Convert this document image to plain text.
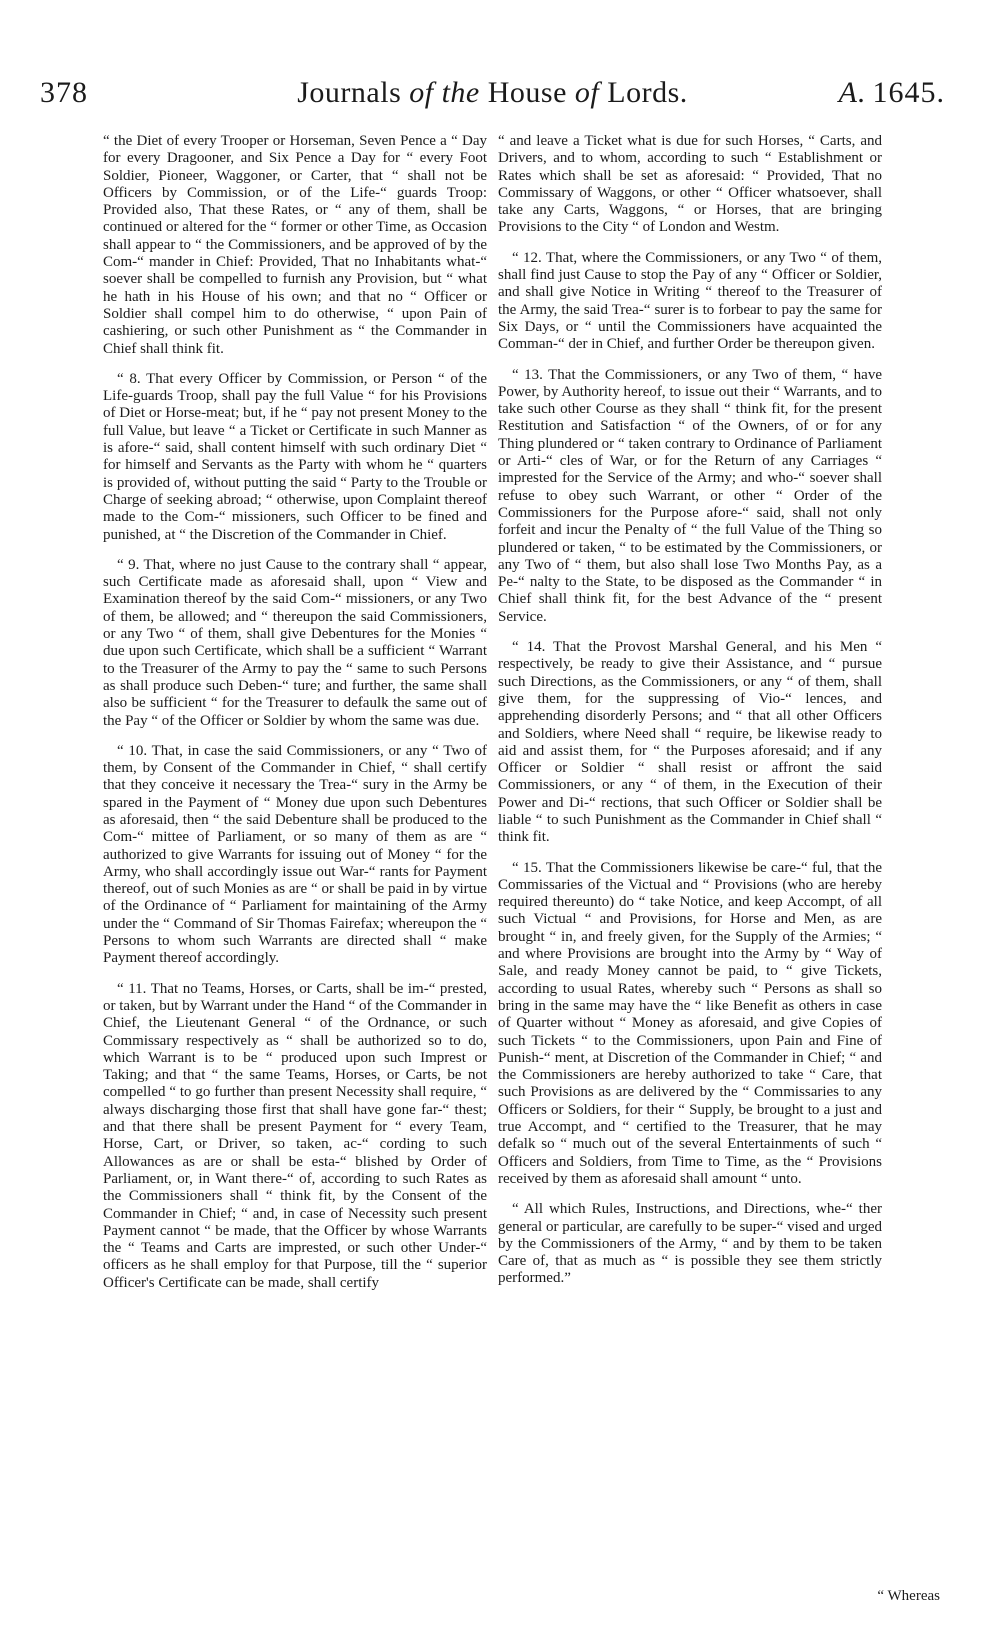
378	Journals of the House of Lords.	A. 1645.

“ the Diet of every Trooper or Horseman, Seven Pence a “ Day for every Dragooner, and Six Pence a Day for “ every Foot Soldier, Pioneer, Waggoner, or Carter, that “ shall not be Officers by Commission, or of the Life-“ guards Troop: Provided also, That these Rates, or “ any of them, shall be continued or altered for the “ former or other Time, as Occasion shall appear to “ the Commissioners, and be approved of by the Com-“ mander in Chief: Provided, That no Inhabitants what-“ soever shall be compelled to furnish any Provision, but “ what he hath in his House of his own; and that no “ Officer or Soldier shall compel him to do otherwise, “ upon Pain of cashiering, or such other Punishment as “ the Commander in Chief shall think fit.

“ 8. That every Officer by Commission, or Person “ of the Life-guards Troop, shall pay the full Value “ for his Provisions of Diet or Horse-meat; but, if he “ pay not present Money to the full Value, but leave “ a Ticket or Certificate in such Manner as is afore-“ said, shall content himself with such ordinary Diet “ for himself and Servants as the Party with whom he “ quarters is provided of, without putting the said “ Party to the Trouble or Charge of seeking abroad; “ otherwise, upon Complaint thereof made to the Com-“ missioners, such Officer to be fined and punished, at “ the Discretion of the Commander in Chief.

“ 9. That, where no just Cause to the contrary shall “ appear, such Certificate made as aforesaid shall, upon “ View and Examination thereof by the said Com-“ missioners, or any Two of them, be allowed; and “ thereupon the said Commissioners, or any Two “ of them, shall give Debentures for the Monies “ due upon such Certificate, which shall be a sufficient “ Warrant to the Treasurer of the Army to pay the “ same to such Persons as shall produce such Deben-“ ture; and further, the same shall also be sufficient “ for the Treasurer to defaulk the same out of the Pay “ of the Officer or Soldier by whom the same was due.

“ 10. That, in case the said Commissioners, or any “ Two of them, by Consent of the Commander in Chief, “ shall certify that they conceive it necessary the Trea-“ sury in the Army be spared in the Payment of “ Money due upon such Debentures as aforesaid, then “ the said Debenture shall be produced to the Com-“ mittee of Parliament, or so many of them as are “ authorized to give Warrants for issuing out of Money “ for the Army, who shall accordingly issue out War-“ rants for Payment thereof, out of such Monies as are “ or shall be paid in by virtue of the Ordinance of “ Parliament for maintaining of the Army under the “ Command of Sir Thomas Fairefax; whereupon the “ Persons to whom such Warrants are directed shall “ make Payment thereof accordingly.

“ 11. That no Teams, Horses, or Carts, shall be im-“ prested, or taken, but by Warrant under the Hand “ of the Commander in Chief, the Lieutenant General “ of the Ordnance, or such Commissary respectively as “ shall be authorized so to do, which Warrant is to be “ produced upon such Imprest or Taking; and that “ the same Teams, Horses, or Carts, be not compelled “ to go further than present Necessity shall require, “ always discharging those first that shall have gone far-“ thest; and that there shall be present Payment for “ every Team, Horse, Cart, or Driver, so taken, ac-“ cording to such Allowances as are or shall be esta-“ blished by Order of Parliament, or, in Want there-“ of, according to such Rates as the Commissioners shall “ think fit, by the Consent of the Commander in Chief; “ and, in case of Necessity such present Payment cannot “ be made, that the Officer by whose Warrants the “ Teams and Carts are imprested, or such other Under-“ officers as he shall employ for that Purpose, till the “ superior Officer's Certificate can be made, shall certify

“ and leave a Ticket what is due for such Horses, “ Carts, and Drivers, and to whom, according to such “ Establishment or Rates which shall be set as aforesaid: “ Provided, That no Commissary of Waggons, or other “ Officer whatsoever, shall take any Carts, Waggons, “ or Horses, that are bringing Provisions to the City “ of London and Westm.

“ 12. That, where the Commissioners, or any Two “ of them, shall find just Cause to stop the Pay of any “ Officer or Soldier, and shall give Notice in Writing “ thereof to the Treasurer of the Army, the said Trea-“ surer is to forbear to pay the same for Six Days, or “ until the Commissioners have acquainted the Comman-“ der in Chief, and further Order be thereupon given.

“ 13. That the Commissioners, or any Two of them, “ have Power, by Authority hereof, to issue out their “ Warrants, and to take such other Course as they shall “ think fit, for the present Restitution and Satisfaction “ of the Owners, of or for any Thing plundered or “ taken contrary to Ordinance of Parliament or Arti-“ cles of War, or for the Return of any Carriages “ imprested for the Service of the Army; and who-“ soever shall refuse to obey such Warrant, or other “ Order of the Commissioners for the Purpose afore-“ said, shall not only forfeit and incur the Penalty of “ the full Value of the Thing so plundered or taken, “ to be estimated by the Commissioners, or any Two of “ them, but also shall lose Two Months Pay, as a Pe-“ nalty to the State, to be disposed as the Commander “ in Chief shall think fit, for the best Advance of the “ present Service.

“ 14. That the Provost Marshal General, and his Men “ respectively, be ready to give their Assistance, and “ pursue such Directions, as the Commissioners, or any “ of them, shall give them, for the suppressing of Vio-“ lences, and apprehending disorderly Persons; and “ that all other Officers and Soldiers, where Need shall “ require, be likewise ready to aid and assist them, for “ the Purposes aforesaid; and if any Officer or Soldier “ shall resist or affront the said Commissioners, or any “ of them, in the Execution of their Power and Di-“ rections, that such Officer or Soldier shall be liable “ to such Punishment as the Commander in Chief shall “ think fit.

“ 15. That the Commissioners likewise be care-“ ful, that the Commissaries of the Victual and “ Provisions (who are hereby required thereunto) do “ take Notice, and keep Accompt, of all such Victual “ and Provisions, for Horse and Men, as are brought “ in, and freely given, for the Supply of the Armies; “ and where Provisions are brought into the Army by “ Way of Sale, and ready Money cannot be paid, to “ give Tickets, according to usual Rates, whereby such “ Persons as shall so bring in the same may have the “ like Benefit as others in case of Quarter without “ Money as aforesaid, and give Copies of such Tickets “ to the Commissioners, upon Pain and Fine of Punish-“ ment, at Discretion of the Commander in Chief; “ and the Commissioners are hereby authorized to take “ Care, that such Provisions as are delivered by the “ Commissaries to any Officers or Soldiers, for their “ Supply, be brought to a just and true Accompt, and “ certified to the Treasurer, that he may defalk so “ much out of the several Entertainments of such “ Officers and Soldiers, from Time to Time, as the “ Provisions received by them as aforesaid shall amount “ unto.

“ All which Rules, Instructions, and Directions, whe-“ ther general or particular, are carefully to be super-“ vised and urged by the Commissioners of the Army, “ and by them to be taken Care of, that as much as “ is possible they see them strictly performed.”

“ Whereas
